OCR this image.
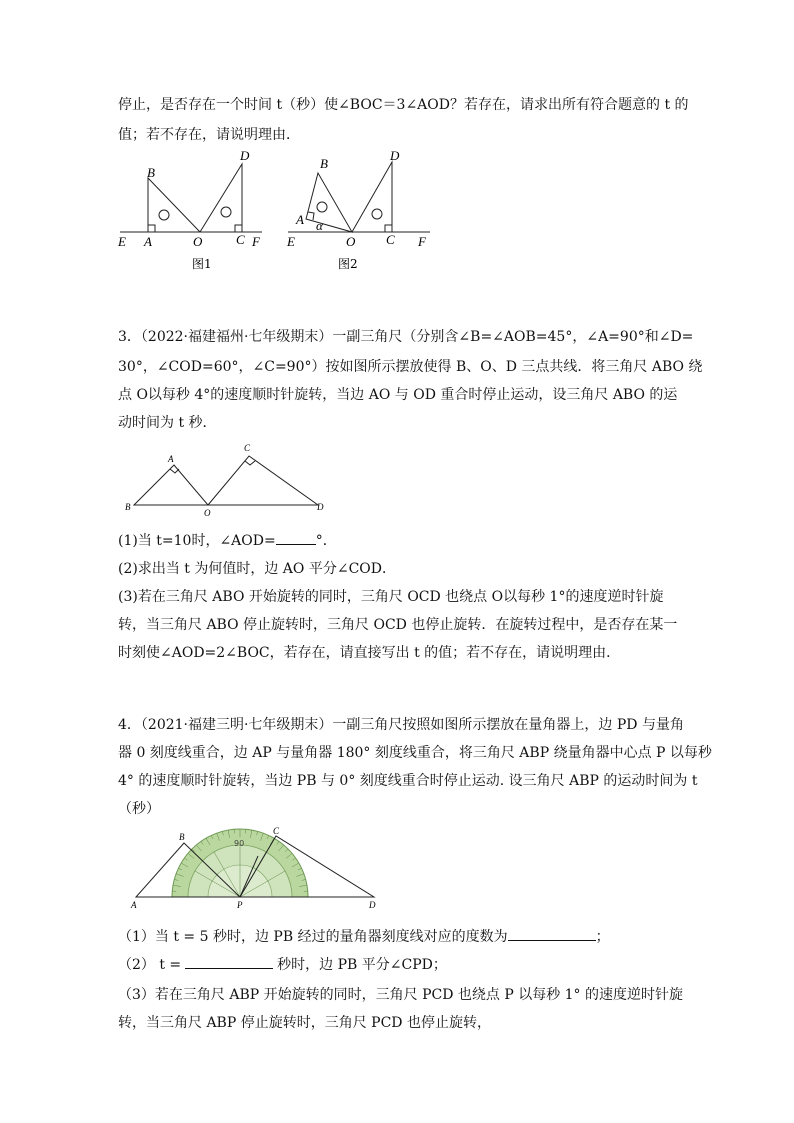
停止，是否存在一个时间 t（秒）使∠BOC＝3∠AOD？若存在，请求出所有符合题意的 t 的
值；若不存在，请说明理由．
B
D
E A	O	C F
图1
B
D
A α
E	O C F
图2
3．（2022·福建福州·七年级期末）一副三角尺（分别含∠B=∠AOB=45°，∠A=90°和∠D=
30°，∠COD=60°，∠C=90°）按如图所示摆放使得 B、O、D 三点共线．将三角尺 ABO 绕
点 O以每秒 4°的速度顺时针旋转，当边 AO 与 OD 重合时停止运动，设三角尺 ABO 的运
动时间为 t 秒．
A
C
B
O
D
(1)当 t=10时，∠AOD=	°．
(2)求出当 t 为何值时，边 AO 平分∠COD．
(3)若在三角尺 ABO 开始旋转的同时，三角尺 OCD 也绕点 O以每秒 1°的速度逆时针旋
转，当三角尺 ABO 停止旋转时，三角尺 OCD 也停止旋转．在旋转过程中，是否存在某一
时刻使∠AOD=2∠BOC，若存在，请直接写出 t 的值；若不存在，请说明理由．
4．（2021·福建三明·七年级期末）一副三角尺按照如图所示摆放在量角器上，边 PD 与量角
器 0 刻度线重合，边 AP 与量角器 180° 刻度线重合，将三角尺 ABP 绕量角器中心点 P 以每秒
4° 的速度顺时针旋转，当边 PB 与 0° 刻度线重合时停止运动. 设三角尺 ABP 的运动时间为 t
（秒）
90
B
C
A	P	D
（1）当 t = 5 秒时，边 PB 经过的量角器刻度线对应的度数为	；
（2） t =	秒时，边 PB 平分∠CPD；
（3）若在三角尺 ABP 开始旋转的同时，三角尺 PCD 也绕点 P 以每秒 1° 的速度逆时针旋
转，当三角尺 ABP 停止旋转时，三角尺 PCD 也停止旋转，
